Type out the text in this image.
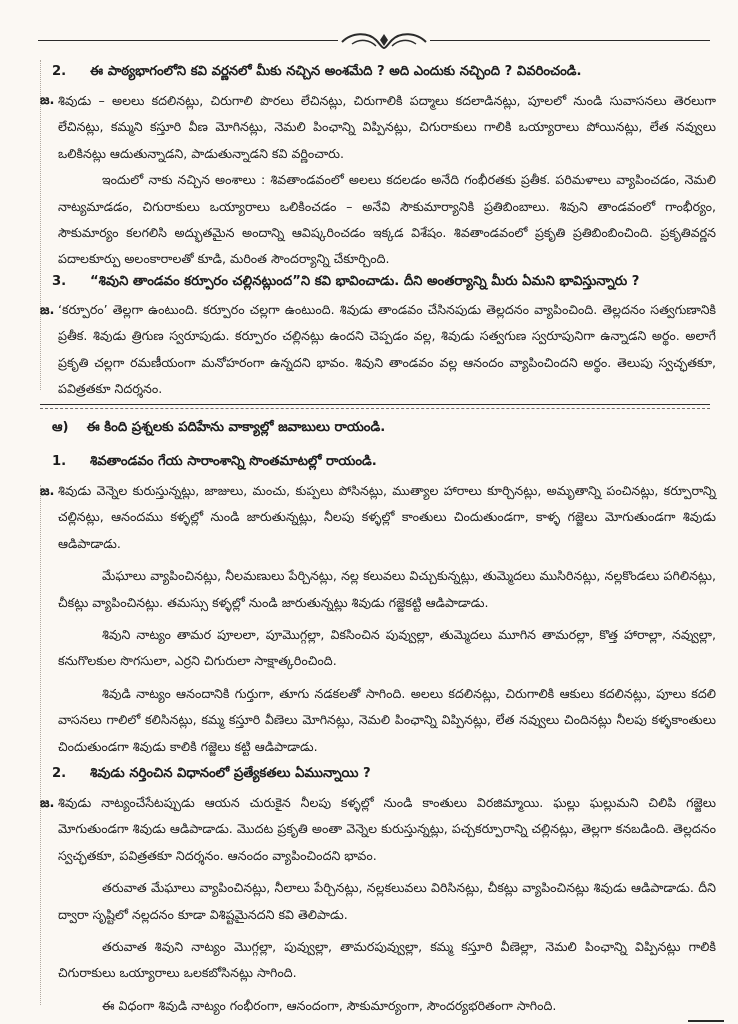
2. ఈ పాఠ్యభాగంలోని కవి వర్ణనలో మీకు నచ్చిన అంశమేది ? అది ఎందుకు నచ్చింది ? వివరించండి.
జ. శివుడు – అలలు కదలినట్లు, చిరుగాలి పొరలు లేచినట్లు, చిరుగాలికి పద్మాలు కదలాడినట్లు, పూలలో నుండి సువాసనలు తెరలుగా లేచినట్లు, కమ్మని కస్తూరి వీణ మోగినట్లు, నెమలి పింఛాన్ని విప్పినట్లు, చిగురాకులు గాలికి ఒయ్యారాలు పోయినట్లు, లేత నవ్వులు ఒలికినట్లు ఆదుతున్నాడని, పాడుతున్నాడని కవి వర్ణించారు.

ఇందులో నాకు నచ్చిన అంశాలు : శివతాండవంలో అలలు కదలడం అనేది గంభీరతకు ప్రతీక. పరిమళాలు వ్యాపించడం, నెమలి నాట్యమాడడం, చిగురాకులు ఒయ్యారాలు ఒలికించడం – అనేవి సౌకుమార్యానికి ప్రతిబింబాలు. శివుని తాండవంలో గాంభీర్యం, సౌకుమార్యం కలగలిసి అద్భుతమైన అందాన్ని ఆవిష్కరించడం ఇక్కడ విశేషం. శివతాండవంలో ప్రకృతి ప్రతిబింబించింది. ప్రకృతివర్ణన పదాలకూర్పు అలంకారాలతో కూడి, మరింత సౌందర్యాన్ని చేకూర్చింది.

3. “శివుని తాండవం కర్పూరం చల్లినట్లుంద”ని కవి భావించాడు. దీని అంతర్యాన్ని మీరు ఏమని భావిస్తున్నారు ?
జ. ‘కర్పూరం’ తెల్లగా ఉంటుంది. కర్పూరం చల్లగా ఉంటుంది. శివుడు తాండవం చేసినపుడు తెల్లదనం వ్యాపించింది. తెల్లదనం సత్వగుణానికి ప్రతీక. శివుడు త్రిగుణ స్వరూపుడు. కర్పూరం చల్లినట్లు ఉందని చెప్పడం వల్ల, శివుడు సత్వగుణ స్వరూపునిగా ఉన్నాడని అర్థం. అలాగే ప్రకృతి చల్లగా రమణీయంగా మనోహరంగా ఉన్నదని భావం. శివుని తాండవం వల్ల ఆనందం వ్యాపించిందని అర్థం. తెలుపు స్వచ్ఛతకూ, పవిత్రతకూ నిదర్శనం.

ఆ) ఈ కింది ప్రశ్నలకు పదిహేను వాక్యాల్లో జవాబులు రాయండి.
1. శివతాండవం గేయ సారాంశాన్ని సొంతమాటల్లో రాయండి.
జ. శివుడు వెన్నెల కురుస్తున్నట్లు, జాజులు, మంచు, కుప్పలు పోసినట్లు, ముత్యాల హారాలు కూర్చినట్లు, అమృతాన్ని పంచినట్లు, కర్పూరాన్ని చల్లినట్లు, ఆనందము కళ్ళల్లో నుండి జారుతున్నట్లు, నీలపు కళ్ళల్లో కాంతులు చిందుతుండగా, కాళ్ళ గజ్జెలు మోగుతుండగా శివుడు ఆడిపాడాడు.

మేఘాలు వ్యాపించినట్లు, నీలమణులు పేర్చినట్లు, నల్ల కలువలు విచ్చుకున్నట్లు, తుమ్మెదలు ముసిరినట్లు, నల్లకొండలు పగిలినట్లు, చీకట్లు వ్యాపించినట్లు. తమస్సు కళ్ళల్లో నుండి జారుతున్నట్లు శివుడు గజ్జెకట్టి ఆడిపాడాడు.

శివుని నాట్యం తామర పూలలా, పూమొగ్గల్లా, వికసించిన పువ్వుల్లా, తుమ్మెదలు మూగిన తామరల్లా, కొత్త హారాల్లా, నవ్వుల్లా, కనుగొలకుల సొగసులా, ఎర్రని చిగురులా సాక్షాత్కరించింది.

శివుడి నాట్యం ఆనందానికి గుర్తుగా, తూగు నడకలతో సాగింది. అలలు కదలినట్లు, చిరుగాలికి ఆకులు కదలినట్లు, పూలు కదలి వాసనలు గాలిలో కలిసినట్లు, కమ్మ కస్తూరి వీణెలు మోగినట్లు, నెమలి పింఛాన్ని విప్పినట్లు, లేత నవ్వులు చిందినట్లు నీలపు కళ్ళకాంతులు చిందుతుండగా శివుడు కాలికి గజ్జెలు కట్టి ఆడిపాడాడు.

2. శివుడు నర్తించిన విధానంలో ప్రత్యేకతలు ఏమున్నాయి ?
జ. శివుడు నాట్యంచేసేటప్పుడు ఆయన చురుకైన నీలపు కళ్ళల్లో నుండి కాంతులు విరజిమ్మాయి. ఘల్లు ఘల్లుమని చిలిపి గజ్జెలు మోగుతుండగా శివుడు ఆడిపాడాడు. మొదట ప్రకృతి అంతా వెన్నెల కురుస్తున్నట్లు, పచ్చకర్పూరాన్ని చల్లినట్లు, తెల్లగా కనబడింది. తెల్లదనం స్వచ్ఛతకూ, పవిత్రతకూ నిదర్శనం. ఆనందం వ్యాపించిందని భావం.

తరువాత మేఘాలు వ్యాపించినట్లు, నీలాలు పేర్చినట్లు, నల్లకలువలు విరిసినట్లు, చీకట్లు వ్యాపించినట్లు శివుడు ఆడిపాడాడు. దీని ద్వారా సృష్టిలో నల్లదనం కూడా విశిష్టమైనదని కవి తెలిపాడు.

తరువాత శివుని నాట్యం మొగ్గల్లా, పువ్వుల్లా, తామరపువ్వుల్లా, కమ్మ కస్తూరి వీణెల్లా, నెమలి పింఛాన్ని విప్పినట్లు గాలికి చిగురాకులు ఒయ్యారాలు ఒలకబోసినట్లు సాగింది.

ఈ విధంగా శివుడి నాట్యం గంభీరంగా, ఆనందంగా, సౌకుమార్యంగా, సౌందర్యభరితంగా సాగింది.
